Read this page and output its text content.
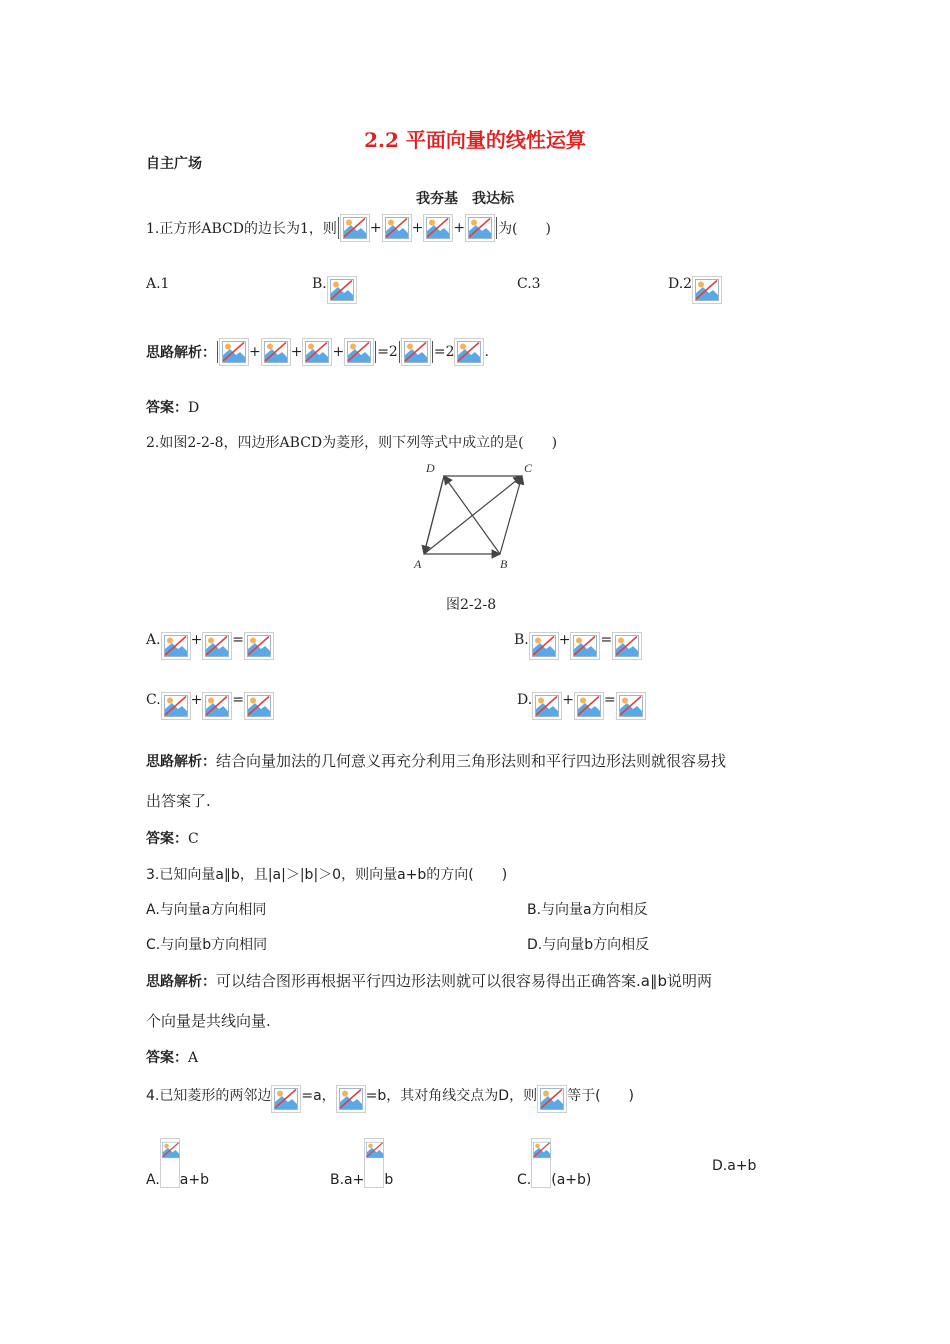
2.2 平面向量的线性运算
自主广场
我夯基　我达标
1.正方形ABCD的边长为1，则 + + + 为(　　)
A.1	B.	C.3	D.2
思路解析： + + + =2	=2 .
答案：D
2.如图2-2-8，四边形ABCD为菱形，则下列等式中成立的是(　　)
D	C
A	B
图2-2-8
A. + =	B. + =
C. + =	D. + =
思路解析：结合向量加法的几何意义再充分利用三角形法则和平行四边形法则就很容易找
出答案了.
答案：C
3.已知向量a∥b，且|a|＞|b|＞0，则向量a+b的方向(　　)
A.与向量a方向相同	B.与向量a方向相反
C.与向量b方向相同	D.与向量b方向相反
思路解析：可以结合图形再根据平行四边形法则就可以很容易得出正确答案.a∥b说明两
个向量是共线向量.
答案：A
4.已知菱形的两邻边 =a， =b，其对角线交点为D，则 等于(　　)
A. a+b	B.a+ b	C. (a+b)
D.a+b
